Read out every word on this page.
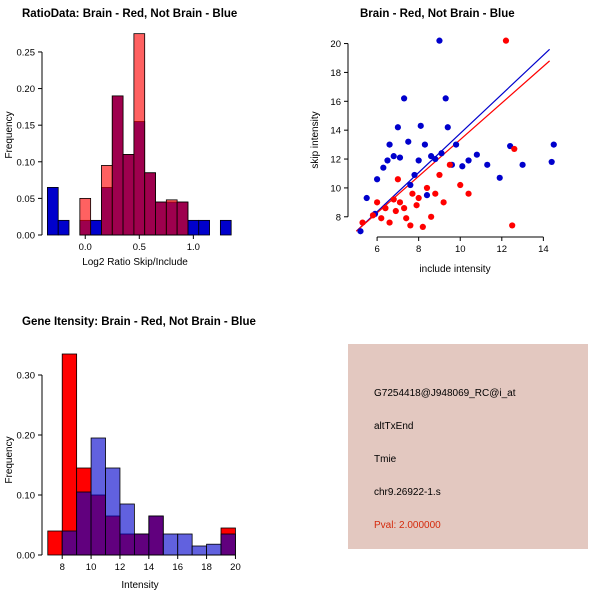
RatioData: Brain - Red, Not Brain - Blue
0.0	0.5	1.0
0.00
0.05
0.10
0.15
0.20
0.25
Log2 Ratio Skip/Include
Frequency
Brain - Red, Not Brain - Blue
6	8	10	12	14
8
10
12
14
16
18
20
include intensity
skip intensity
Gene Itensity: Brain - Red, Not Brain - Blue
8 10 12 14 16 18 20
0.00
0.10
0.20
0.30
Intensity
Frequency

G7254418@J948069_RC@i_at

altTxEnd

Tmie

chr9.26922-1.s

Pval: 2.000000
